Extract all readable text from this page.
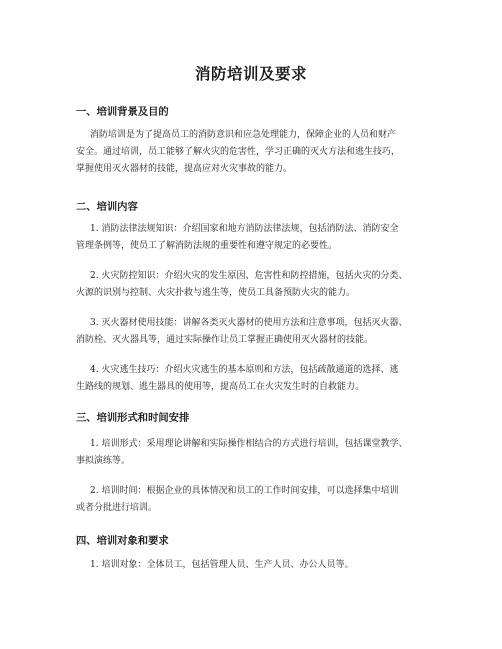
消防培训及要求
一、培训背景及目的
消防培训是为了提高员工的消防意识和应急处理能力，保障企业的人员和财产
安全。通过培训，员工能够了解火灾的危害性，学习正确的灭火方法和逃生技巧，
掌握使用灭火器材的技能，提高应对火灾事故的能力。
二、培训内容
1. 消防法律法规知识：介绍国家和地方消防法律法规，包括消防法、消防安全
管理条例等，使员工了解消防法规的重要性和遵守规定的必要性。
2. 火灾防控知识：介绍火灾的发生原因、危害性和防控措施，包括火灾的分类、
火源的识别与控制、火灾扑救与逃生等，使员工具备预防火灾的能力。
3. 灭火器材使用技能：讲解各类灭火器材的使用方法和注意事项，包括灭火器、
消防栓、灭火器具等，通过实际操作让员工掌握正确使用灭火器材的技能。
4. 火灾逃生技巧：介绍火灾逃生的基本原则和方法，包括疏散通道的选择、逃
生路线的规划、逃生器具的使用等，提高员工在火灾发生时的自救能力。
三、培训形式和时间安排
1. 培训形式：采用理论讲解和实际操作相结合的方式进行培训，包括课堂教学、
事拟演练等。
2. 培训时间：根据企业的具体情况和员工的工作时间安排，可以选择集中培训
或者分批进行培训。
四、培训对象和要求
1. 培训对象：全体员工，包括管理人员、生产人员、办公人员等。
